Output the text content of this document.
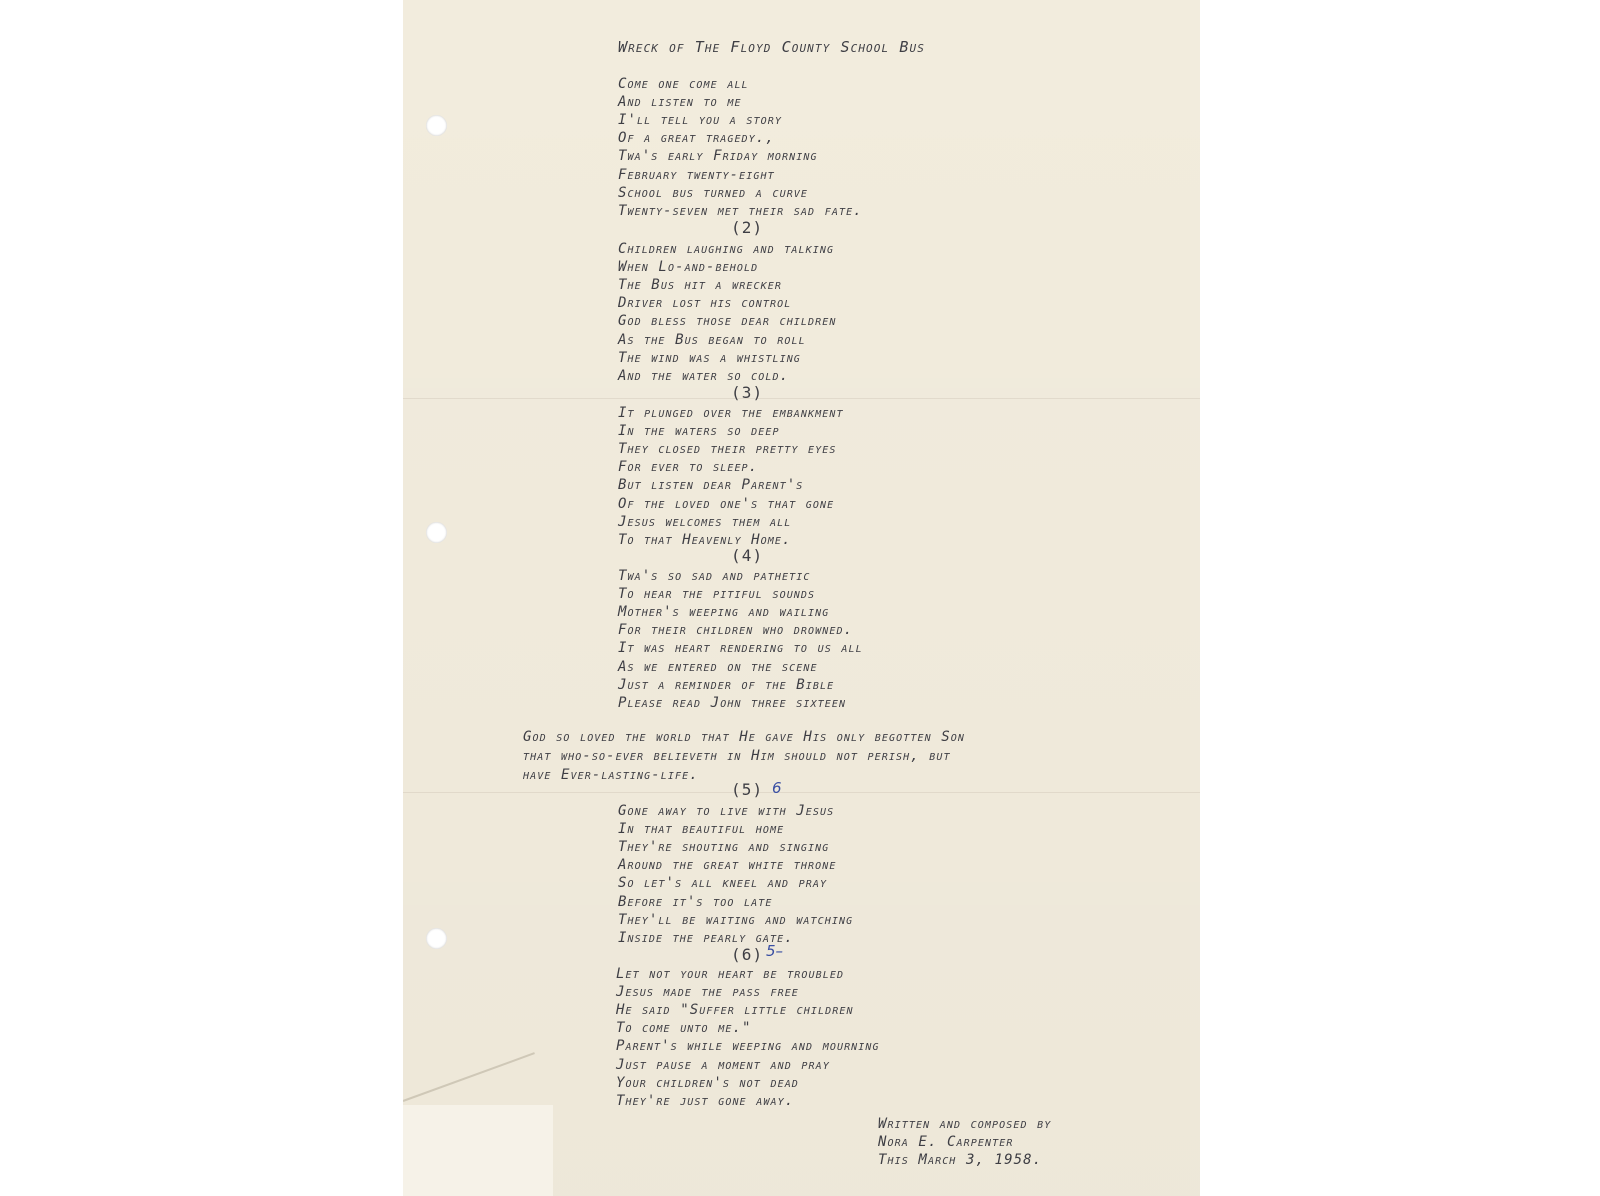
Wreck of The Floyd County School Bus
Come one come all
And listen to me
I'll tell you a story
Of a great tragedy.,
Twa's early Friday morning
February twenty-eight
School bus turned a curve
Twenty-seven met their sad fate.
(2)
Children laughing and talking
When Lo-and-behold
The Bus hit a wrecker
Driver lost his control
God bless those dear children
As the Bus began to roll
The wind was a whistling
And the water so cold.
(3)
It plunged over the embankment
In the waters so deep
They closed their pretty eyes
For ever to sleep.
But listen dear Parent's
Of the loved one's that gone
Jesus welcomes them all
To that Heavenly Home.
(4)
Twa's so sad and pathetic
To hear the pitiful sounds
Mother's weeping and wailing
For their children who drowned.
It was heart rendering to us all
As we entered on the scene
Just a reminder of the Bible
Please read John three sixteen
God so loved the world that He gave His only begotten Son
that who-so-ever believeth in Him should not perish, but
have Ever-lasting-life.
(5) 6
Gone away to live with Jesus
In that beautiful home
They're shouting and singing
Around the great white throne
So let's all kneel and pray
Before it's too late
They'll be waiting and watching
Inside the pearly gate.
(6) 5–
Let not your heart be troubled
Jesus made the pass free
He said "Suffer little children
To come unto me."
Parent's while weeping and mourning
Just pause a moment and pray
Your children's not dead
They're just gone away.
Written and composed by
Nora E. Carpenter
This March 3, 1958.
